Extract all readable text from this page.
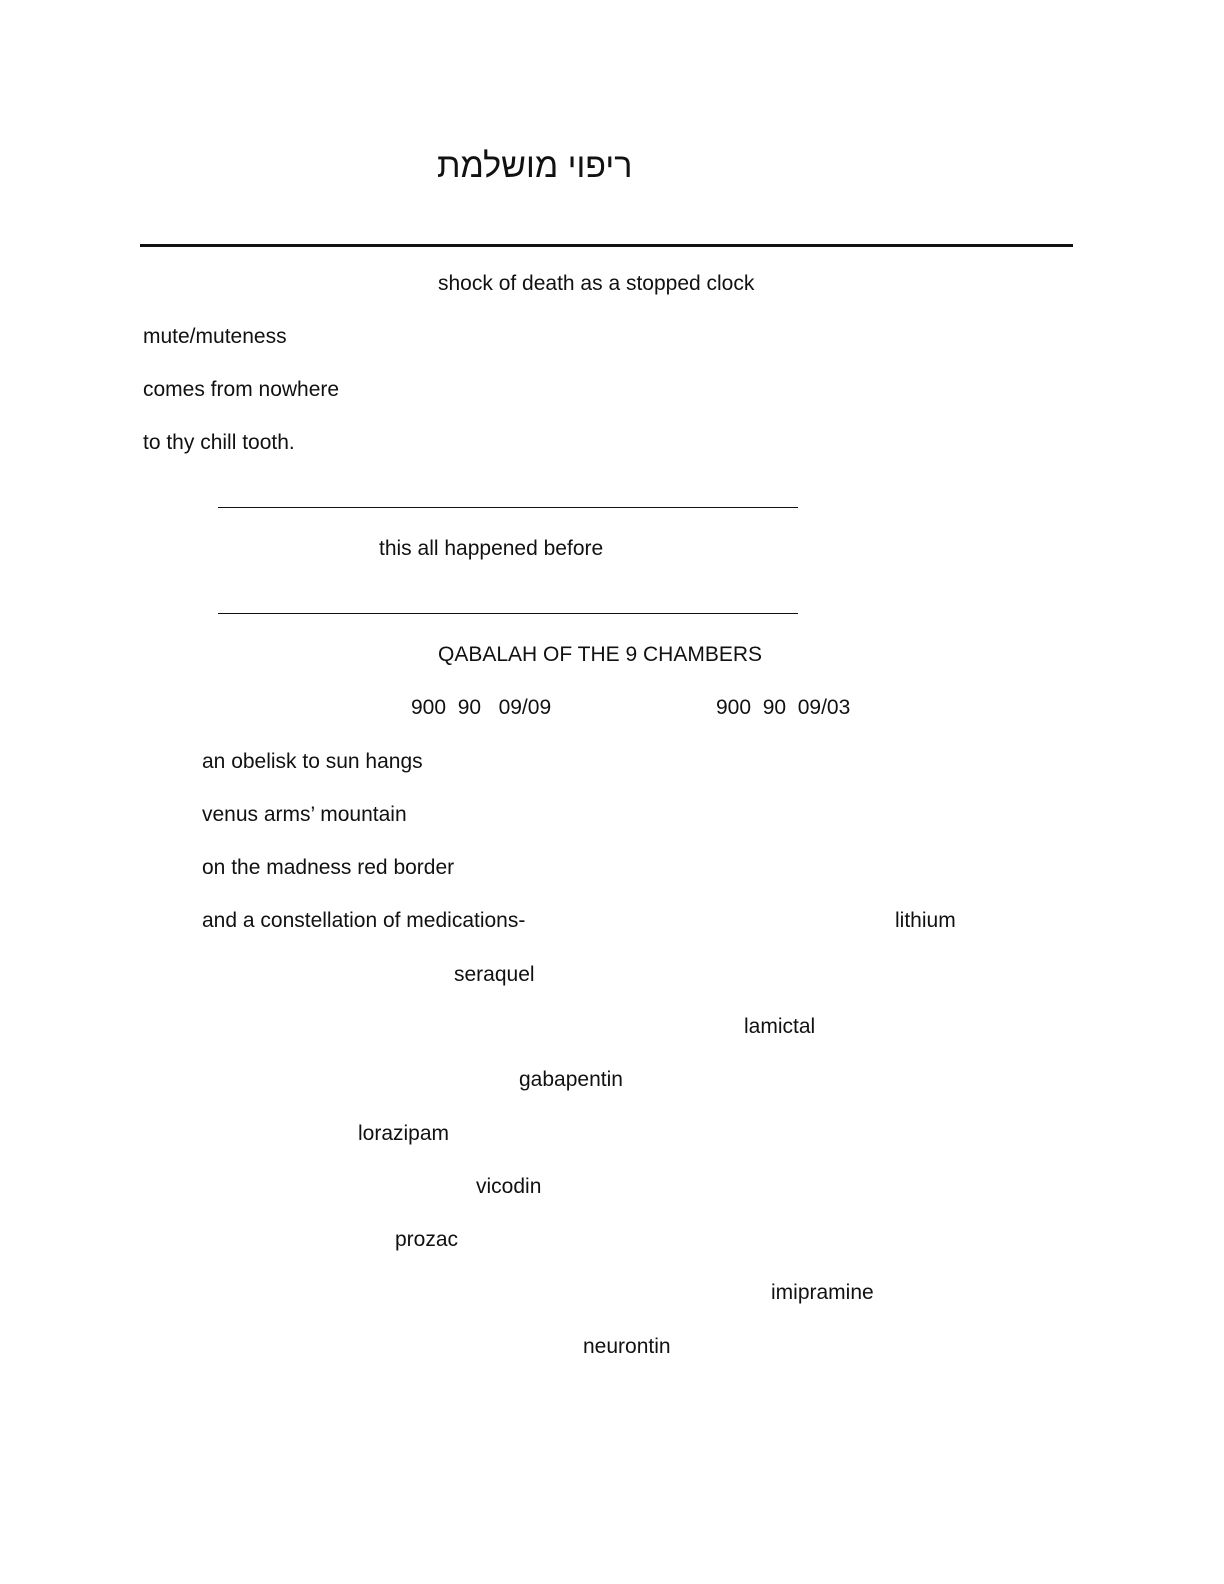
ריפוי מושלמת
shock of death as a stopped clock
mute/muteness
comes from nowhere
to thy chill tooth.
this all happened before
QABALAH OF THE 9 CHAMBERS
900  90   09/09	900  90  09/03
an obelisk to sun hangs
venus arms’ mountain
on the madness red border
and a constellation of medications-	lithium
seraquel
lamictal
gabapentin
lorazipam
vicodin
prozac
imipramine
neurontin
